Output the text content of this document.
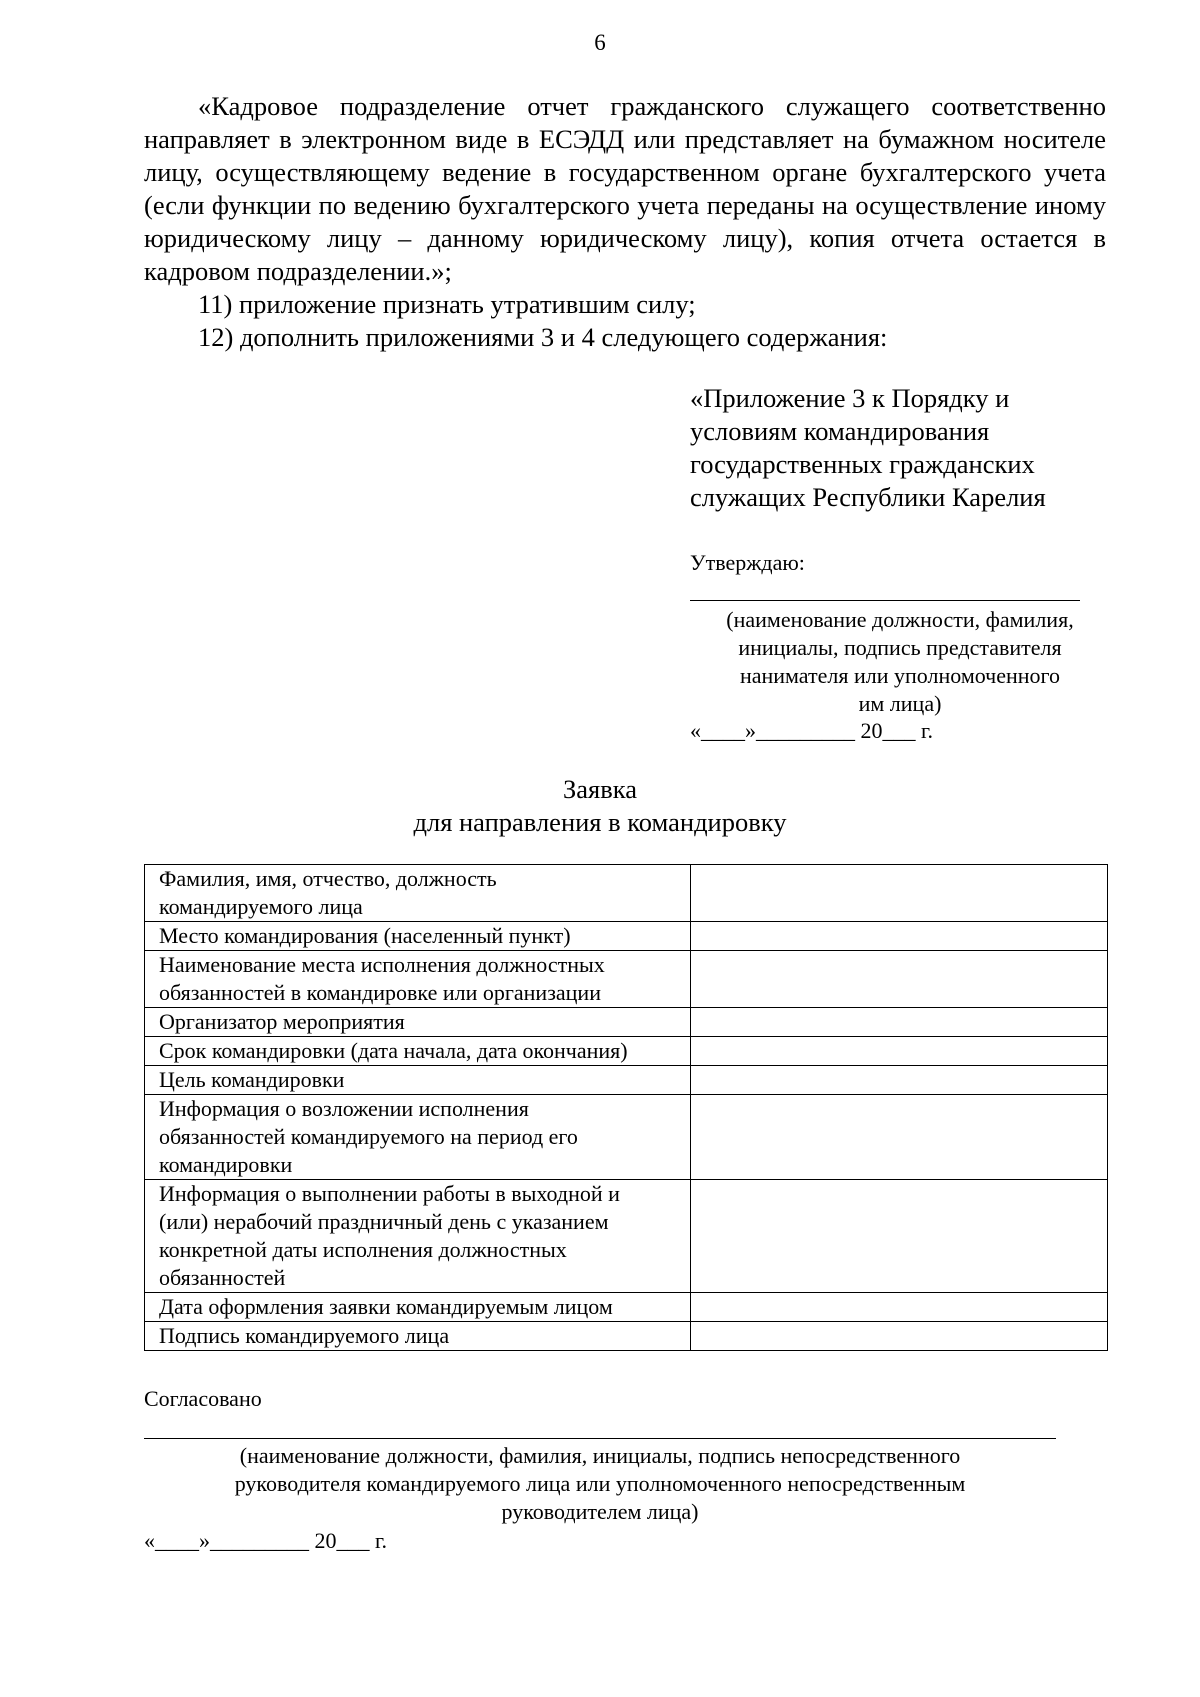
6

«Кадровое подразделение отчет гражданского служащего соответственно направляет в электронном виде в ЕСЭДД или представляет на бумажном носителе лицу, осуществляющему ведение в государственном органе бухгалтерского учета (если функции по ведению бухгалтерского учета переданы на осуществление иному юридическому лицу – данному юридическому лицу), копия отчета остается в кадровом подразделении.»;

11) приложение признать утратившим силу;

12) дополнить приложениями 3 и 4 следующего содержания:

«Приложение 3 к Порядку и
условиям командирования
государственных гражданских
служащих Республики Карелия
Утверждаю:
(наименование должности, фамилия,
инициалы, подпись представителя
нанимателя или уполномоченного
им лица)
«____»_________ 20___ г.
Заявка
для направления в командировку
Фамилия, имя, отчество, должность
командируемого лица	

Место командирования (населенный пункт)	

Наименование места исполнения должностных
обязанностей в командировке или организации	

Организатор мероприятия	

Срок командировки (дата начала, дата окончания)	

Цель командировки	

Информация о возложении исполнения
обязанностей командируемого на период его
командировки	

Информация о выполнении работы в выходной и
(или) нерабочий праздничный день с указанием
конкретной даты исполнения должностных
обязанностей	

Дата оформления заявки командируемым лицом	

Подпись командируемого лица	

Согласовано
(наименование должности, фамилия, инициалы, подпись непосредственного
руководителя командируемого лица или уполномоченного непосредственным
руководителем лица)
«____»_________ 20___ г.
